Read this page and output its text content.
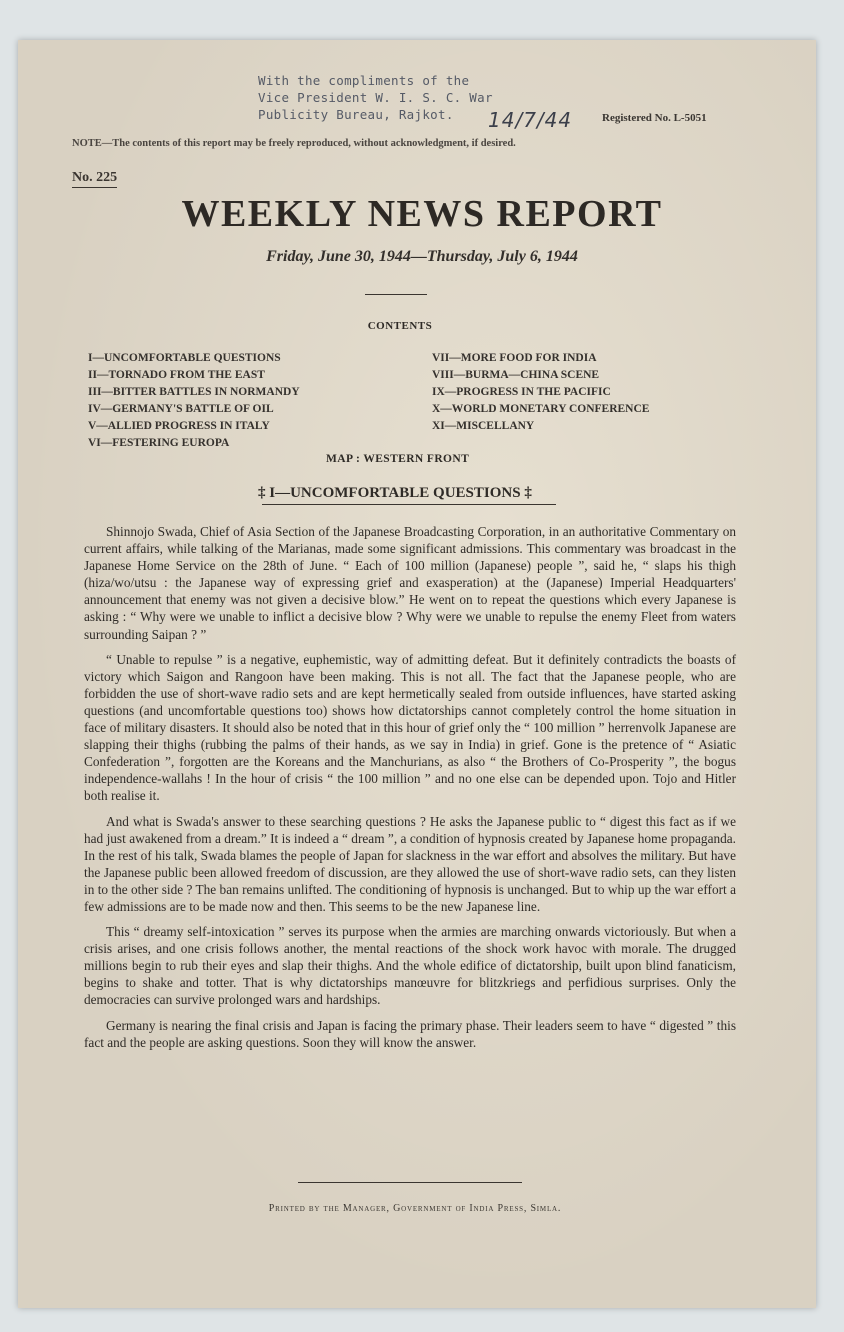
With the compliments of the
Vice President W. I. S. C. War
Publicity Bureau, Rajkot.	14/7/44	Registered No. L-5051
NOTE—The contents of this report may be freely reproduced, without acknowledgment, if desired.
No. 225
WEEKLY NEWS REPORT
Friday, June 30, 1944—Thursday, July 6, 1944
CONTENTS
I—UNCOMFORTABLE QUESTIONS
II—TORNADO FROM THE EAST
III—BITTER BATTLES IN NORMANDY
IV—GERMANY'S BATTLE OF OIL
V—ALLIED PROGRESS IN ITALY
VI—FESTERING EUROPA
VII—MORE FOOD FOR INDIA
VIII—BURMA—CHINA SCENE
IX—PROGRESS IN THE PACIFIC
X—WORLD MONETARY CONFERENCE
XI—MISCELLANY
MAP : WESTERN FRONT
‡ I—UNCOMFORTABLE QUESTIONS ‡

Shinnojo Swada, Chief of Asia Section of the Japanese Broadcasting Corporation, in an authoritative Commentary on current affairs, while talking of the Marianas, made some significant admissions. This commentary was broadcast in the Japanese Home Service on the 28th of June. “ Each of 100 million (Japanese) people ”, said he, “ slaps his thigh (hiza/wo/utsu : the Japanese way of expressing grief and exasperation) at the (Japanese) Imperial Headquarters' announcement that enemy was not given a decisive blow.” He went on to repeat the questions which every Japanese is asking : “ Why were we unable to inflict a decisive blow ? Why were we unable to repulse the enemy Fleet from waters surrounding Saipan ? ”

“ Unable to repulse ” is a negative, euphemistic, way of admitting defeat. But it definitely contradicts the boasts of victory which Saigon and Rangoon have been making. This is not all. The fact that the Japanese people, who are forbidden the use of short-wave radio sets and are kept hermetically sealed from outside influences, have started asking questions (and uncomfortable questions too) shows how dictatorships cannot completely control the home situation in face of military disasters. It should also be noted that in this hour of grief only the “ 100 million ” herrenvolk Japanese are slapping their thighs (rubbing the palms of their hands, as we say in India) in grief. Gone is the pretence of “ Asiatic Confederation ”, forgotten are the Koreans and the Manchurians, as also “ the Brothers of Co-Prosperity ”, the bogus independence-wallahs ! In the hour of crisis “ the 100 million ” and no one else can be depended upon. Tojo and Hitler both realise it.

And what is Swada's answer to these searching questions ? He asks the Japanese public to “ digest this fact as if we had just awakened from a dream.” It is indeed a “ dream ”, a condition of hypnosis created by Japanese home propaganda. In the rest of his talk, Swada blames the people of Japan for slackness in the war effort and absolves the military. But have the Japanese public been allowed freedom of discussion, are they allowed the use of short-wave radio sets, can they listen in to the other side ? The ban remains unlifted. The conditioning of hypnosis is unchanged. But to whip up the war effort a few admissions are to be made now and then. This seems to be the new Japanese line.

This “ dreamy self-intoxication ” serves its purpose when the armies are marching onwards victoriously. But when a crisis arises, and one crisis follows another, the mental reactions of the shock work havoc with morale. The drugged millions begin to rub their eyes and slap their thighs. And the whole edifice of dictatorship, built upon blind fanaticism, begins to shake and totter. That is why dictatorships manœuvre for blitzkriegs and perfidious surprises. Only the democracies can survive prolonged wars and hardships.

Germany is nearing the final crisis and Japan is facing the primary phase. Their leaders seem to have “ digested ” this fact and the people are asking questions. Soon they will know the answer.

Printed by the Manager, Government of India Press, Simla.
